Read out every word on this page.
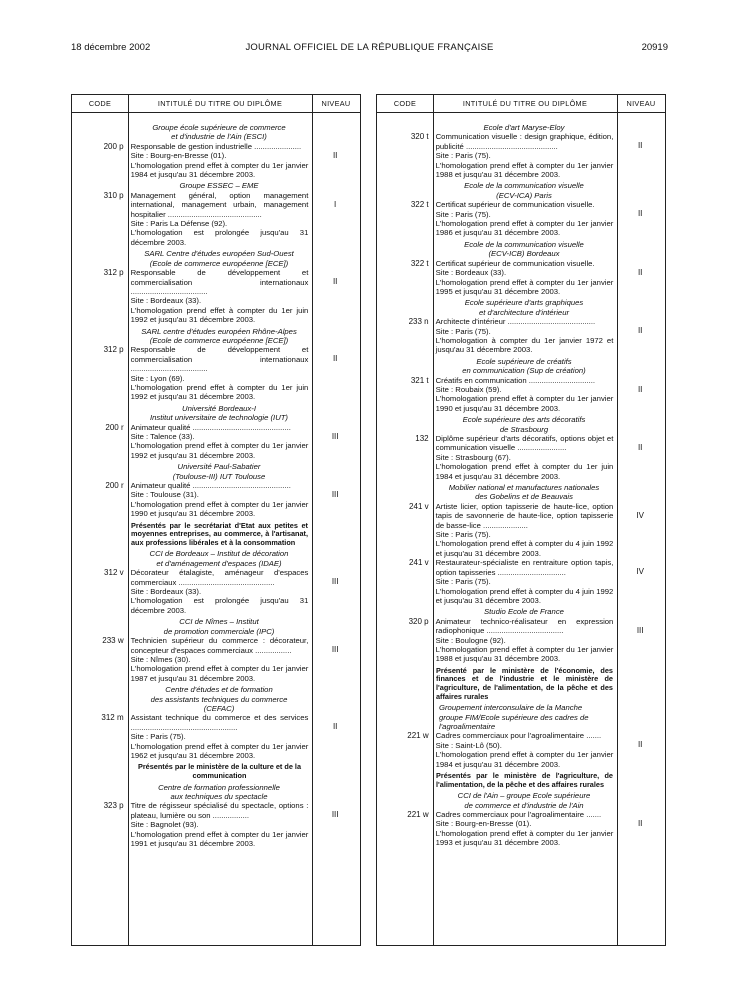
18 décembre 2002	JOURNAL OFFICIEL DE LA RÉPUBLIQUE FRANÇAISE	20919
CODE	INTITULÉ DU TITRE OU DIPLÔME	NIVEAU
Groupe école supérieure de commerce
et d'industrie de l'Ain (ESCI)
200 p Responsable de gestion industrielle ......................
Site : Bourg-en-Bresse (01).
L'homologation prend effet à compter du 1er janvier 1984 et jusqu'au 31 décembre 2003.
II
Groupe ESSEC – EME
310 p Management général, option management international, management urbain, management hospitalier ............................................
Site : Paris La Défense (92).
L'homologation est prolongée jusqu'au 31 décembre 2003.
I
SARL Centre d'études européen Sud-Ouest
(Ecole de commerce européenne [ECE])
312 p Responsable de développement et commercialisation internationaux ....................................
Site : Bordeaux (33).
L'homologation prend effet à compter du 1er juin 1992 et jusqu'au 31 décembre 2003.
II
SARL centre d'études européen Rhône-Alpes
(Ecole de commerce européenne [ECE])
312 p Responsable de développement et commercialisation internationaux ....................................
Site : Lyon (69).
L'homologation prend effet à compter du 1er juin 1992 et jusqu'au 31 décembre 2003.
II
Université Bordeaux-I
Institut universitaire de technologie (IUT)
200 r Animateur qualité ..............................................
Site : Talence (33).
L'homologation prend effet à compter du 1er janvier 1992 et jusqu'au 31 décembre 2003.
III
Université Paul-Sabatier
(Toulouse-III) IUT Toulouse
200 r Animateur qualité ..............................................
Site : Toulouse (31).
L'homologation prend effet à compter du 1er janvier 1990 et jusqu'au 31 décembre 2003.
III
Présentés par le secrétariat d'Etat aux petites et moyennes entreprises, au commerce, à l'artisanat, aux professions libérales et à la consommation
CCI de Bordeaux – Institut de décoration
et d'aménagement d'espaces (IDAE)
312 v Décorateur étalagiste, aménageur d'espaces commerciaux .............................................
Site : Bordeaux (33).
L'homologation est prolongée jusqu'au 31 décembre 2003.
III
CCI de Nîmes – Institut
de promotion commerciale (IPC)
233 w Technicien supérieur du commerce : décorateur, concepteur d'espaces commerciaux .................
Site : Nîmes (30).
L'homologation prend effet à compter du 1er janvier 1987 et jusqu'au 31 décembre 2003.
III
Centre d'études et de formation
des assistants techniques du commerce
(CEFAC)
312 m Assistant technique du commerce et des services ..................................................
Site : Paris (75).
L'homologation prend effet à compter du 1er janvier 1962 et jusqu'au 31 décembre 2003.
II
Présentés par le ministère de la culture et de la communication
Centre de formation professionnelle
aux techniques du spectacle
323 p Titre de régisseur spécialisé du spectacle, options : plateau, lumière ou son .................
Site : Bagnolet (93).
L'homologation prend effet à compter du 1er janvier 1991 et jusqu'au 31 décembre 2003.
III
CODE	INTITULÉ DU TITRE OU DIPLÔME	NIVEAU
Ecole d'art Maryse-Eloy
320 t Communication visuelle : design graphique, édition, publicité ...........................................
Site : Paris (75).
L'homologation prend effet à compter du 1er janvier 1988 et jusqu'au 31 décembre 2003.
II
Ecole de la communication visuelle
(ECV-ICA) Paris
322 t Certificat supérieur de communication visuelle.
Site : Paris (75).
L'homologation prend effet à compter du 1er janvier 1986 et jusqu'au 31 décembre 2003.
II
Ecole de la communication visuelle
(ECV-ICB) Bordeaux
322 t Certificat supérieur de communication visuelle.
Site : Bordeaux (33).
L'homologation prend effet à compter du 1er janvier 1995 et jusqu'au 31 décembre 2003.
II
Ecole supérieure d'arts graphiques
et d'architecture d'intérieur
233 n Architecte d'intérieur .........................................
Site : Paris (75).
L'homologation à compter du 1er janvier 1972 et jusqu'au 31 décembre 2003.
II
Ecole supérieure de créatifs
en communication (Sup de création)
321 t Créatifs en communication ...............................
Site : Roubaix (59).
L'homologation prend effet à compter du 1er janvier 1990 et jusqu'au 31 décembre 2003.
II
Ecole supérieure des arts décoratifs
de Strasbourg
132 Diplôme supérieur d'arts décoratifs, options objet et communication visuelle .......................
Site : Strasbourg (67).
L'homologation prend effet à compter du 1er juin 1984 et jusqu'au 31 décembre 2003.
II
Mobilier national et manufactures nationales
des Gobelins et de Beauvais
241 v Artiste licier, option tapisserie de haute-lice, option tapis de savonnerie de haute-lice, option tapisserie de basse-lice .....................
Site : Paris (75).
L'homologation prend effet à compter du 4 juin 1992 et jusqu'au 31 décembre 2003.
IV
241 v Restaurateur-spécialiste en rentraiture option tapis, option tapisseries ................................
Site : Paris (75).
L'homologation prend effet à compter du 4 juin 1992 et jusqu'au 31 décembre 2003.
IV
Studio Ecole de France
320 p Animateur technico-réalisateur en expression radiophonique ....................................
Site : Boulogne (92).
L'homologation prend effet à compter du 1er janvier 1988 et jusqu'au 31 décembre 2003.
III
Présenté par le ministère de l'économie, des finances et de l'industrie et le ministère de l'agriculture, de l'alimentation, de la pêche et des affaires rurales
Groupement interconsulaire de la Manche
groupe FIM/Ecole supérieure des cadres de
l'agroalimentaire
221 w Cadres commerciaux pour l'agroalimentaire .......
Site : Saint-Lô (50).
L'homologation prend effet à compter du 1er janvier 1984 et jusqu'au 31 décembre 2003.
II
Présentés par le ministère de l'agriculture, de l'alimentation, de la pêche et des affaires rurales
CCI de l'Ain – groupe Ecole supérieure
de commerce et d'industrie de l'Ain
221 w Cadres commerciaux pour l'agroalimentaire .......
Site : Bourg-en-Bresse (01).
L'homologation prend effet à compter du 1er janvier 1993 et jusqu'au 31 décembre 2003.
II
